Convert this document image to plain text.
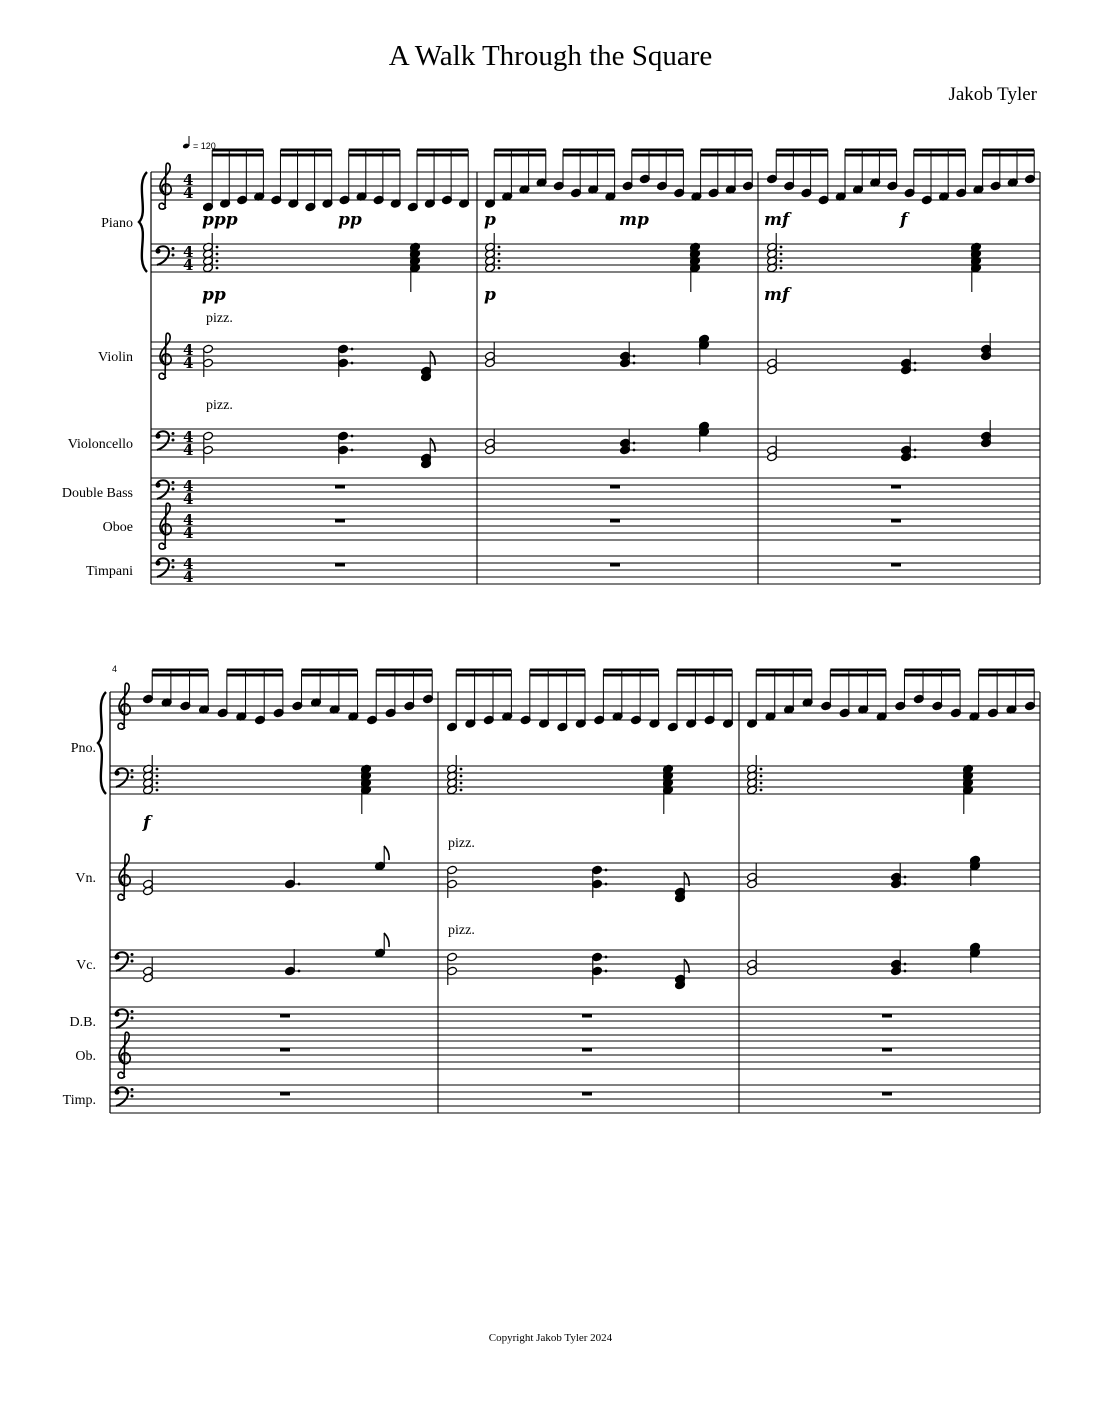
A Walk Through the Square
Jakob Tyler
Copyright Jakob Tyler 2024
= 120
4
4
Piano
4
4
4
4
Violin
4
4
Violoncello
4
4
Double Bass
4
4
Oboe
4
4
Timpani
ppp	pp	p	mp	mf	f
pp	p	mf
pizz.
pizz.
Pno.
Vn.
Vc.
D.B.
Ob.
Timp.
4
f
pizz.
pizz.
